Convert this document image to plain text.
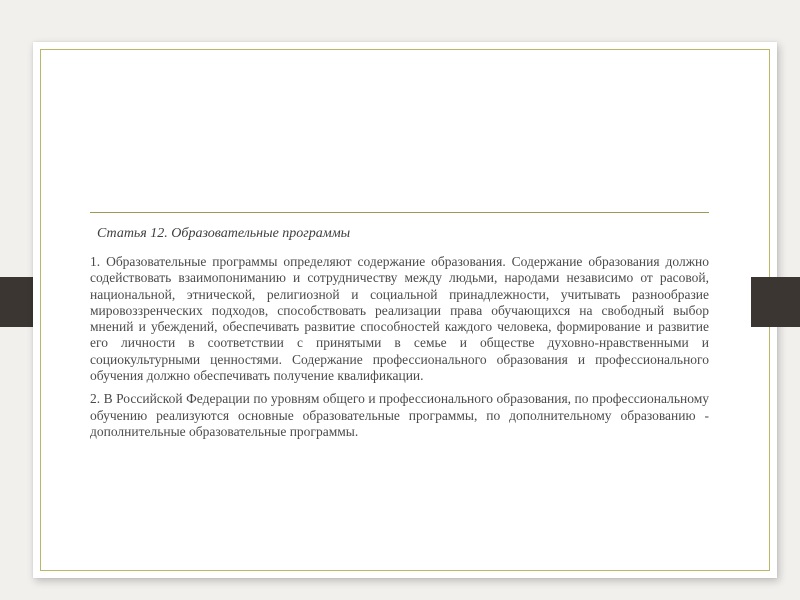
Статья 12. Образовательные программы

1. Образовательные программы определяют содержание образования. Содержание образования должно содействовать взаимопониманию и сотрудничеству между людьми, народами независимо от расовой, национальной, этнической, религиозной и социальной принадлежности, учитывать разнообразие мировоззренческих подходов, способствовать реализации права обучающихся на свободный выбор мнений и убеждений, обеспечивать развитие способностей каждого человека, формирование и развитие его личности в соответствии с принятыми в семье и обществе духовно-нравственными и социокультурными ценностями. Содержание профессионального образования и профессионального обучения должно обеспечивать получение квалификации.

2. В Российской Федерации по уровням общего и профессионального образования, по профессиональному обучению реализуются основные образовательные программы, по дополнительному образованию - дополнительные образовательные программы.
